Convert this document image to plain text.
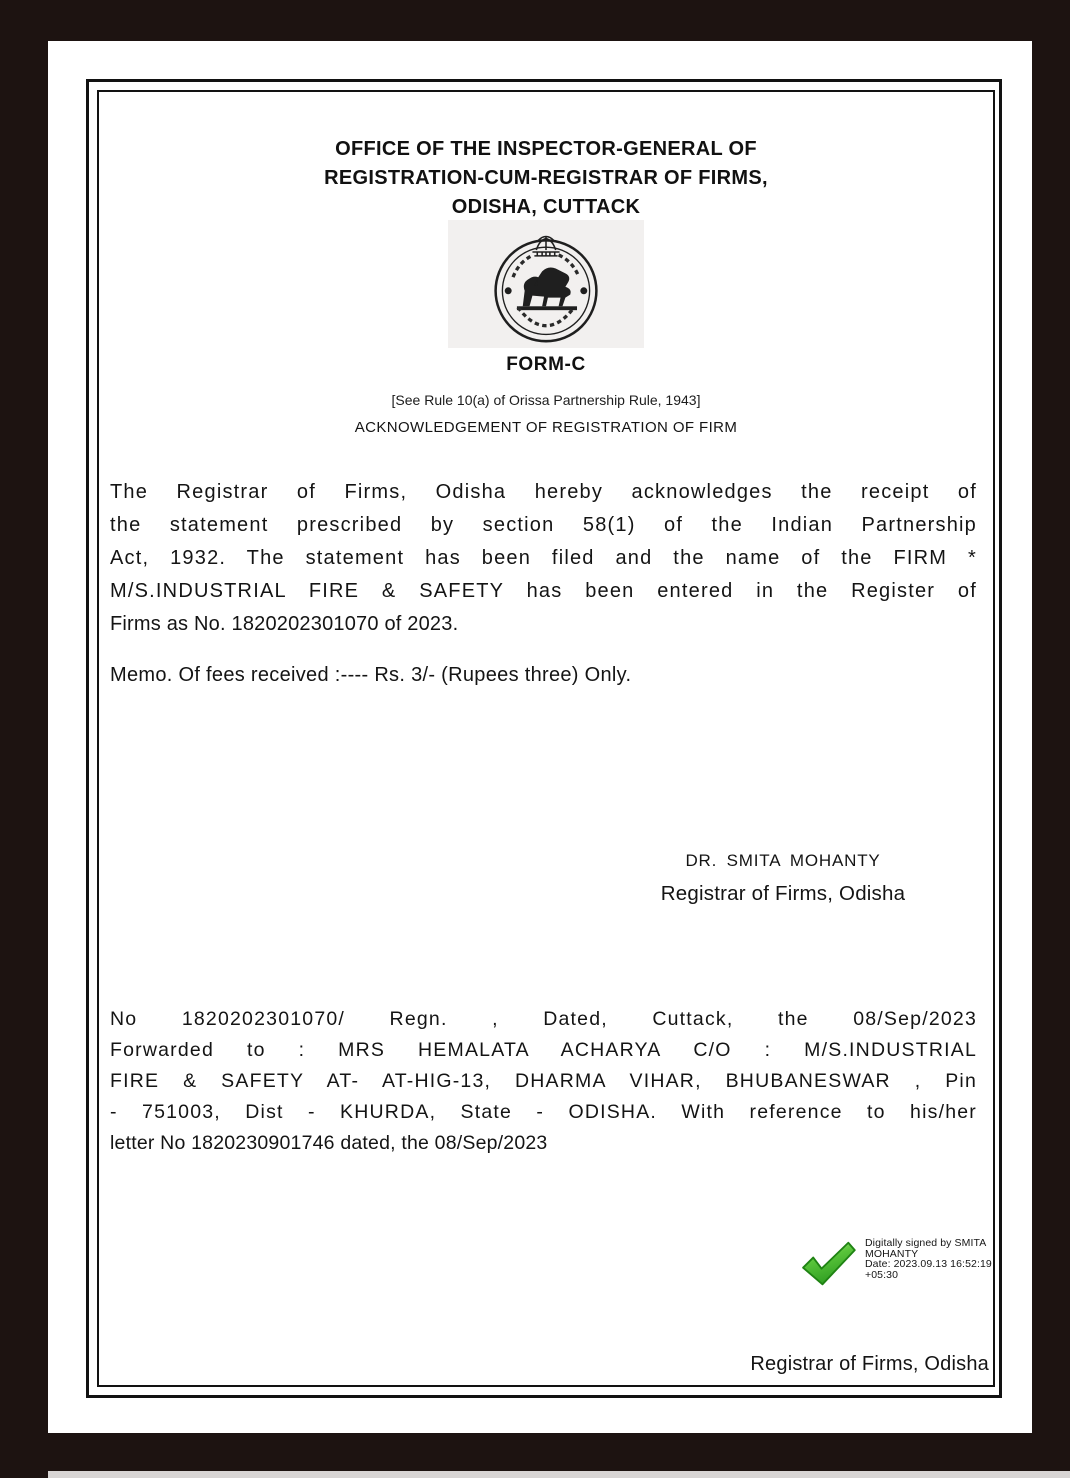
OFFICE OF THE INSPECTOR-GENERAL OF
REGISTRATION-CUM-REGISTRAR OF FIRMS,
ODISHA, CUTTACK
FORM-C
[See Rule 10(a) of Orissa Partnership Rule, 1943]
ACKNOWLEDGEMENT OF REGISTRATION OF FIRM
The Registrar of Firms, Odisha hereby acknowledges the receipt of
the statement prescribed by section 58(1) of the Indian Partnership
Act, 1932. The statement has been filed and the name of the FIRM *
M/S.INDUSTRIAL FIRE & SAFETY has been entered in the Register of
Firms as No. 1820202301070 of 2023.
Memo. Of fees received :---- Rs. 3/- (Rupees three) Only.
DR. SMITA MOHANTY
Registrar of Firms, Odisha
No 1820202301070/ Regn. , Dated, Cuttack, the 08/Sep/2023
Forwarded to : MRS HEMALATA ACHARYA C/O : M/S.INDUSTRIAL
FIRE & SAFETY AT- AT-HIG-13, DHARMA VIHAR, BHUBANESWAR , Pin
- 751003, Dist - KHURDA, State - ODISHA. With reference to his/her
letter No 1820230901746 dated, the 08/Sep/2023
Digitally signed by SMITA
MOHANTY
Date: 2023.09.13 16:52:19
+05:30
Registrar of Firms, Odisha
